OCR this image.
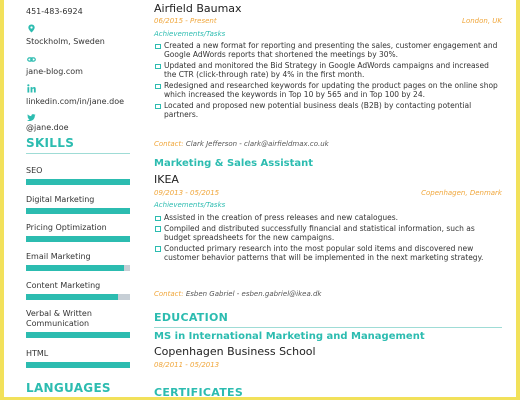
451-483-6924
Stockholm, Sweden
jane-blog.com
linkedin.com/in/jane.doe
@jane.doe
SKILLS
SEO
Digital Marketing
Pricing Optimization
Email Marketing
Content Marketing
Verbal & Written Communication
HTML
LANGUAGES
Airfield Baumax
06/2015 - Present	London, UK
Achievements/Tasks
Created a new format for reporting and presenting the sales, customer engagement and Google AdWords reports that shortened the meetings by 30%.
Updated and monitored the Bid Strategy in Google AdWords campaigns and increased the CTR (click-through rate) by 4% in the first month.
Redesigned and researched keywords for updating the product pages on the online shop which increased the keywords in Top 10 by 565 and in Top 100 by 24.
Located and proposed new potential business deals (B2B) by contacting potential partners.
Contact: Clark Jefferson - clark@airfieldmax.co.uk
Marketing & Sales Assistant
IKEA
09/2013 - 05/2015	Copenhagen, Denmark
Achievements/Tasks
Assisted in the creation of press releases and new catalogues.
Compiled and distributed successfully financial and statistical information, such as budget spreadsheets for the new campaigns.
Conducted primary research into the most popular sold items and discovered new customer behavior patterns that will be implemented in the next marketing strategy.
Contact: Esben Gabriel - esben.gabriel@ikea.dk
EDUCATION
MS in International Marketing and Management
Copenhagen Business School
08/2011 - 05/2013
CERTIFICATES
